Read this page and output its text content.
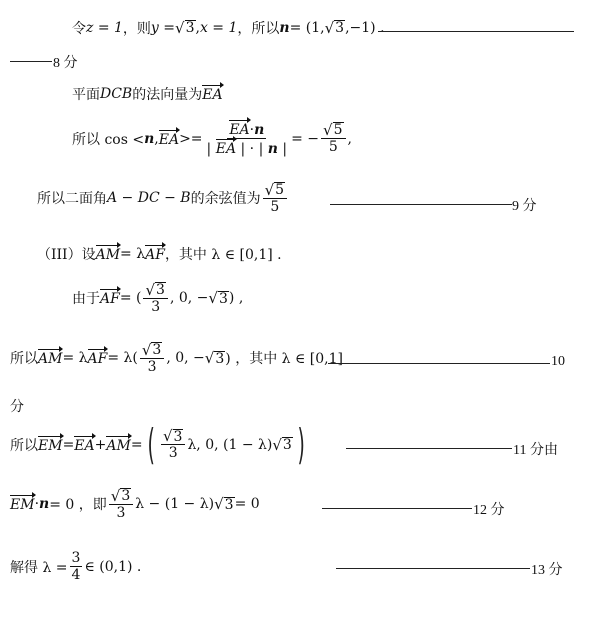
令 z = 1 ，则 y = √ 3 , x = 1 ，所以 n = (1, √ 3 ,−1) .
8 分
平面 DCB 的法向量为 EA
所以 cos < n , EA >= $\frac{EA \cdot n}{| EA | \cdot | n |}$ = − $\frac{√ 5}{5}$ ,
所以二面角 A − DC − B 的余弦值为 $\frac{√ 5}{5}$	9 分
（III）设 AM = λ AF ，其中 λ ∈ [0,1] .
由于 AF = ( $\frac{√ 3}{3}$ , 0, − √ 3 ) ,
所以 AM = λ AF = $\lambda( \frac{√ 3}{3}$ , 0, − √ 3 ) ，其中 λ ∈ [0,1]	10
分
所以 EM = EA + AM = ( $\frac{√ 3}{3} \lambda$, 0, (1 − λ) √ 3 )	11 分由
EM · n = 0 ，即 $\frac{√ 3}{3}$ λ − (1 − λ) √ 3 = 0	12 分
解得 $\lambda = \frac{3}{4}$ ∈ (0,1) .	13 分
